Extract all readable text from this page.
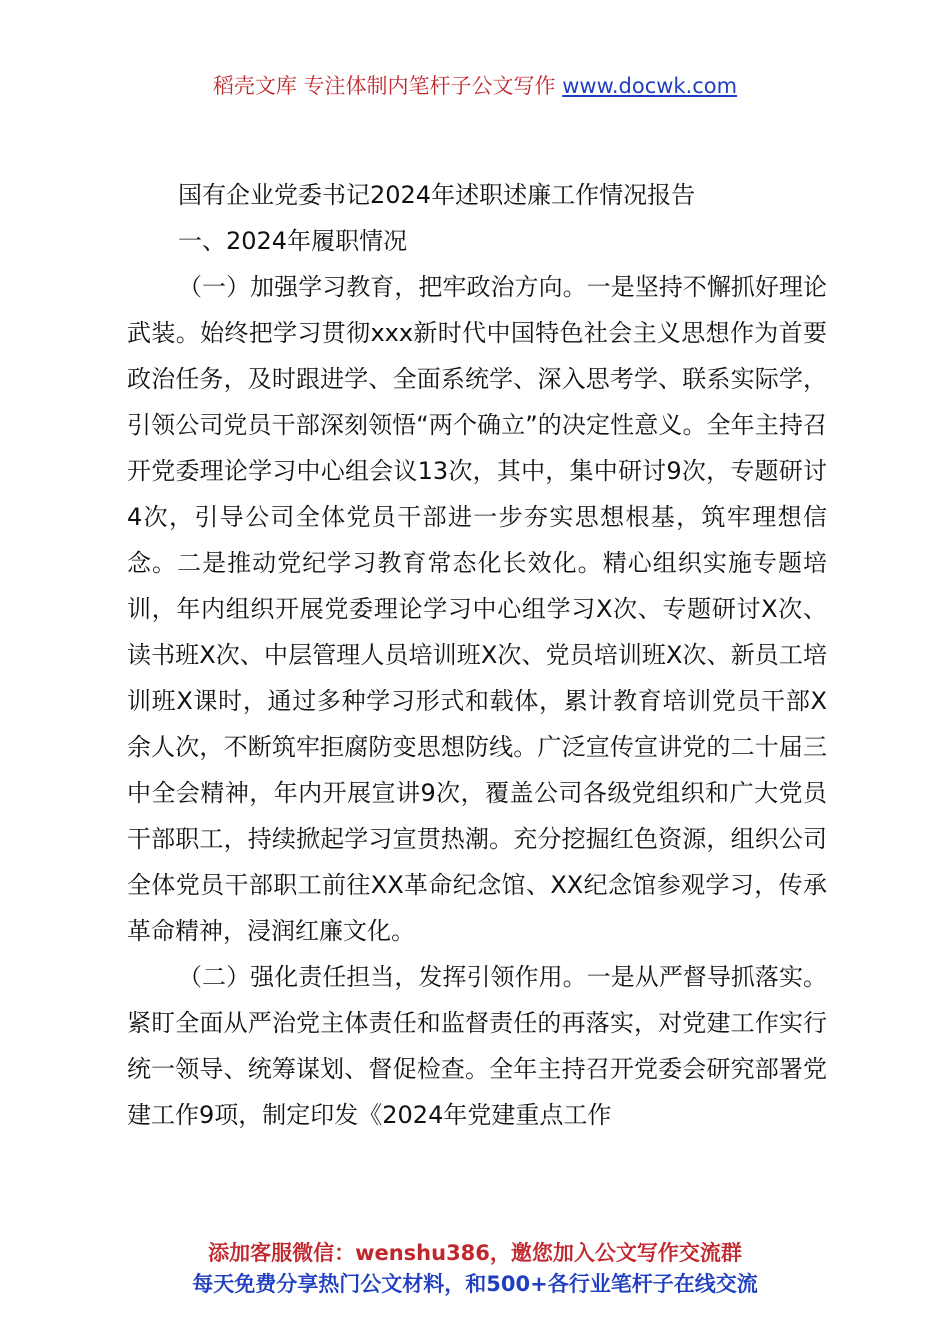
稻壳文库 专注体制内笔杆子公文写作 www.docwk.com

国有企业党委书记2024年述职述廉工作情况报告

一、2024年履职情况

（一）加强学习教育，把牢政治方向。一是坚持不懈抓好理论武装。始终把学习贯彻xxx新时代中国特色社会主义思想作为首要政治任务，及时跟进学、全面系统学、深入思考学、联系实际学，引领公司党员干部深刻领悟“两个确立”的决定性意义。全年主持召开党委理论学习中心组会议13次，其中，集中研讨9次，专题研讨4次，引导公司全体党员干部进一步夯实思想根基，筑牢理想信念。二是推动党纪学习教育常态化长效化。精心组织实施专题培训，年内组织开展党委理论学习中心组学习X次、专题研讨X次、读书班X次、中层管理人员培训班X次、党员培训班X次、新员工培训班X课时，通过多种学习形式和载体，累计教育培训党员干部X余人次，不断筑牢拒腐防变思想防线。广泛宣传宣讲党的二十届三中全会精神，年内开展宣讲9次，覆盖公司各级党组织和广大党员干部职工，持续掀起学习宣贯热潮。充分挖掘红色资源，组织公司全体党员干部职工前往XX革命纪念馆、XX纪念馆参观学习，传承革命精神，浸润红廉文化。

（二）强化责任担当，发挥引领作用。一是从严督导抓落实。紧盯全面从严治党主体责任和监督责任的再落实，对党建工作实行统一领导、统筹谋划、督促检查。全年主持召开党委会研究部署党建工作9项，制定印发《2024年党建重点工作

添加客服微信：wenshu386，邀您加入公文写作交流群
每天免费分享热门公文材料，和500+各行业笔杆子在线交流
